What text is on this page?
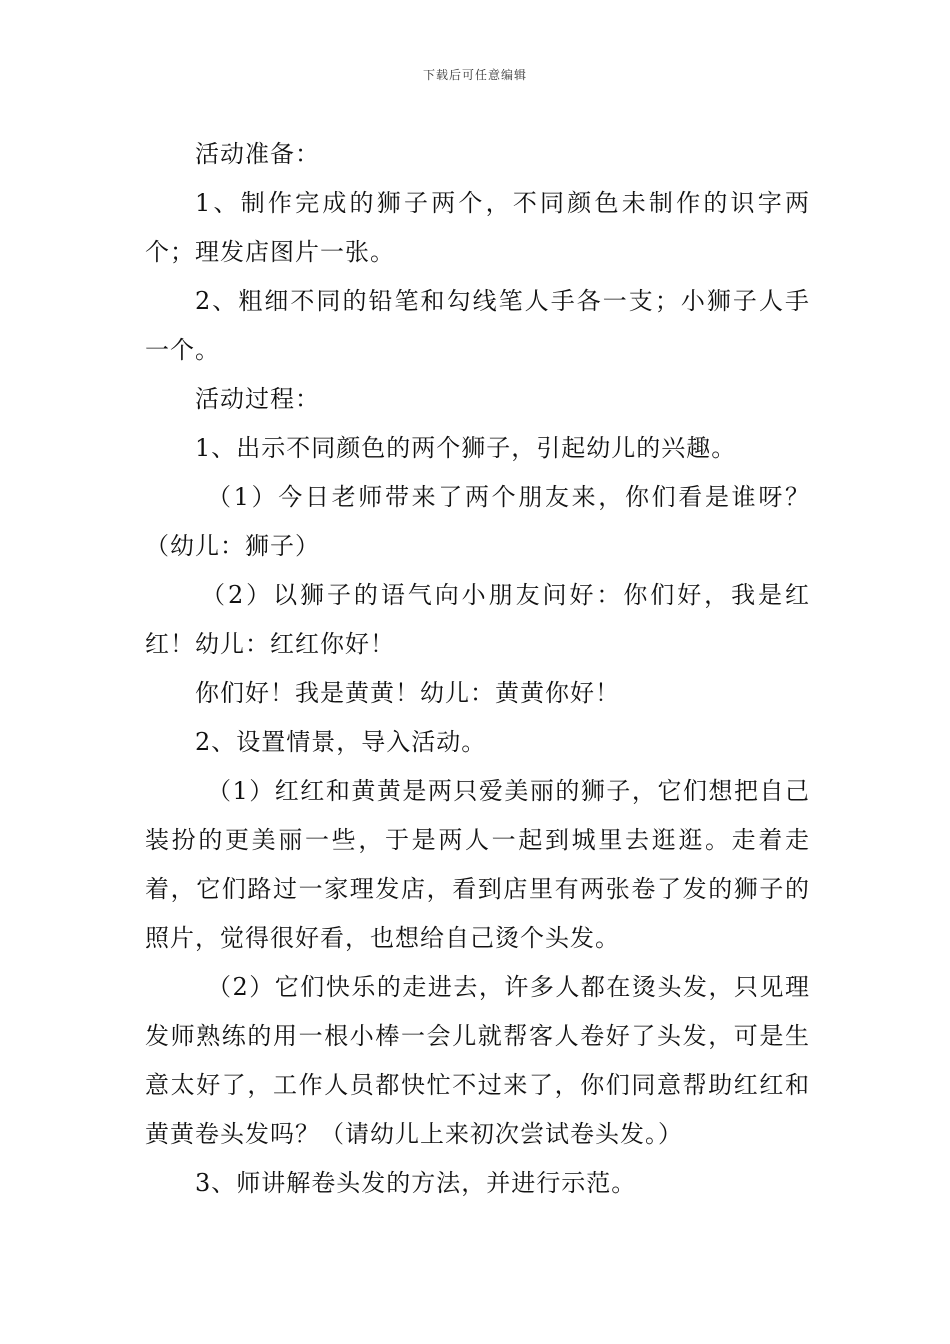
下载后可任意编辑

活动准备：

1、制作完成的狮子两个，不同颜色未制作的识字两个；理发店图片一张。

2、粗细不同的铅笔和勾线笔人手各一支；小狮子人手一个。

活动过程：

1、出示不同颜色的两个狮子，引起幼儿的兴趣。

（1）今日老师带来了两个朋友来，你们看是谁呀？（幼儿：狮子）

（2）以狮子的语气向小朋友问好：你们好，我是红红！幼儿：红红你好！

你们好！我是黄黄！幼儿：黄黄你好！

2、设置情景，导入活动。

（1）红红和黄黄是两只爱美丽的狮子，它们想把自己装扮的更美丽一些，于是两人一起到城里去逛逛。走着走着，它们路过一家理发店，看到店里有两张卷了发的狮子的照片，觉得很好看，也想给自己烫个头发。

（2）它们快乐的走进去，许多人都在烫头发，只见理发师熟练的用一根小棒一会儿就帮客人卷好了头发，可是生意太好了，工作人员都快忙不过来了，你们同意帮助红红和黄黄卷头发吗？（请幼儿上来初次尝试卷头发。）

3、师讲解卷头发的方法，并进行示范。
